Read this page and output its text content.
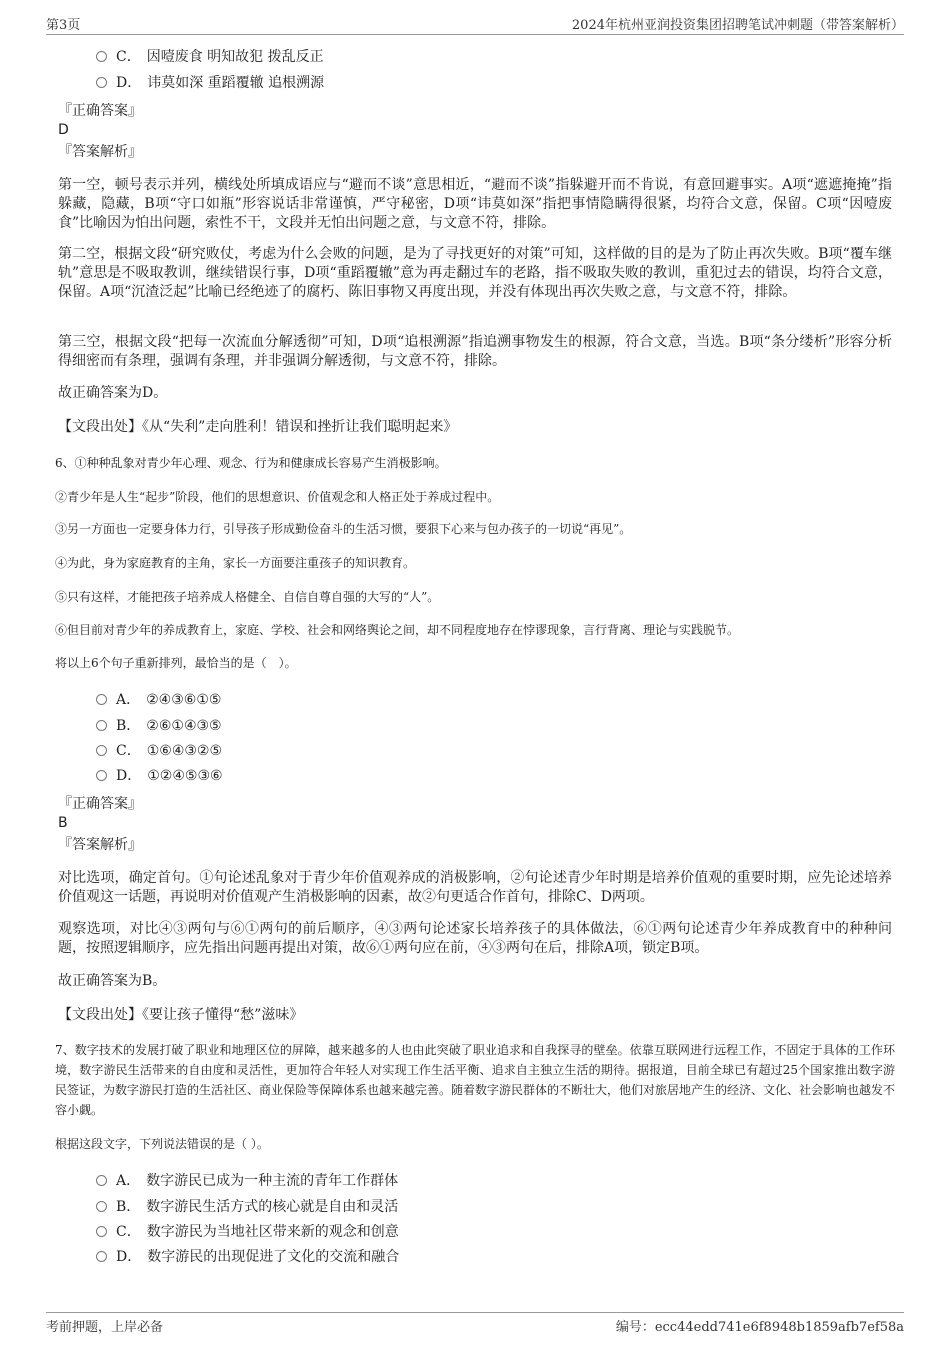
第3页	2024年杭州亚润投资集团招聘笔试冲刺题（带答案解析）
C． 因噎废食 明知故犯 拨乱反正
D． 讳莫如深 重蹈覆辙 追根溯源
『正确答案』
D
『答案解析』
第一空，顿号表示并列，横线处所填成语应与“避而不谈”意思相近，“避而不谈”指躲避开而不肯说，有意回避事实。A项“遮遮掩掩”指躲藏，隐藏，B项“守口如瓶”形容说话非常谨慎，严守秘密，D项“讳莫如深”指把事情隐瞒得很紧，均符合文意，保留。C项“因噎废食”比喻因为怕出问题，索性不干，文段并无怕出问题之意，与文意不符，排除。
第二空，根据文段“研究败仗，考虑为什么会败的问题，是为了寻找更好的对策”可知，这样做的目的是为了防止再次失败。B项“覆车继轨”意思是不吸取教训，继续错误行事，D项“重蹈覆辙”意为再走翻过车的老路，指不吸取失败的教训，重犯过去的错误，均符合文意，保留。A项“沉渣泛起”比喻已经绝迹了的腐朽、陈旧事物又再度出现，并没有体现出再次失败之意，与文意不符，排除。
第三空，根据文段“把每一次流血分解透彻”可知，D项“追根溯源”指追溯事物发生的根源，符合文意，当选。B项“条分缕析”形容分析得细密而有条理，强调有条理，并非强调分解透彻，与文意不符，排除。
故正确答案为D。
【文段出处】《从“失利”走向胜利！错误和挫折让我们聪明起来》
6、①种种乱象对青少年心理、观念、行为和健康成长容易产生消极影响。
②青少年是人生“起步”阶段，他们的思想意识、价值观念和人格正处于养成过程中。
③另一方面也一定要身体力行，引导孩子形成勤俭奋斗的生活习惯，要狠下心来与包办孩子的一切说“再见”。
④为此，身为家庭教育的主角，家长一方面要注重孩子的知识教育。
⑤只有这样，才能把孩子培养成人格健全、自信自尊自强的大写的“人”。
⑥但目前对青少年的养成教育上，家庭、学校、社会和网络舆论之间，却不同程度地存在悖谬现象，言行背离、理论与实践脱节。
将以上6个句子重新排列，最恰当的是（　）。
A． ②④③⑥①⑤
B． ②⑥①④③⑤
C． ①⑥④③②⑤
D． ①②④⑤③⑥
『正确答案』
B
『答案解析』
对比选项，确定首句。①句论述乱象对于青少年价值观养成的消极影响，②句论述青少年时期是培养价值观的重要时期，应先论述培养价值观这一话题，再说明对价值观产生消极影响的因素，故②句更适合作首句，排除C、D两项。
观察选项，对比④③两句与⑥①两句的前后顺序，④③两句论述家长培养孩子的具体做法，⑥①两句论述青少年养成教育中的种种问题，按照逻辑顺序，应先指出问题再提出对策，故⑥①两句应在前，④③两句在后，排除A项，锁定B项。
故正确答案为B。
【文段出处】《要让孩子懂得“愁”滋味》
7、数字技术的发展打破了职业和地理区位的屏障，越来越多的人也由此突破了职业追求和自我探寻的壁垒。依靠互联网进行远程工作，不固定于具体的工作环境，数字游民生活带来的自由度和灵活性，更加符合年轻人对实现工作生活平衡、追求自主独立生活的期待。据报道，目前全球已有超过25个国家推出数字游民签证，为数字游民打造的生活社区、商业保险等保障体系也越来越完善。随着数字游民群体的不断壮大，他们对旅居地产生的经济、文化、社会影响也越发不容小觑。
根据这段文字，下列说法错误的是（ ）。
A． 数字游民已成为一种主流的青年工作群体
B． 数字游民生活方式的核心就是自由和灵活
C． 数字游民为当地社区带来新的观念和创意
D． 数字游民的出现促进了文化的交流和融合
考前押题，上岸必备	编号：ecc44edd741e6f8948b1859afb7ef58a
